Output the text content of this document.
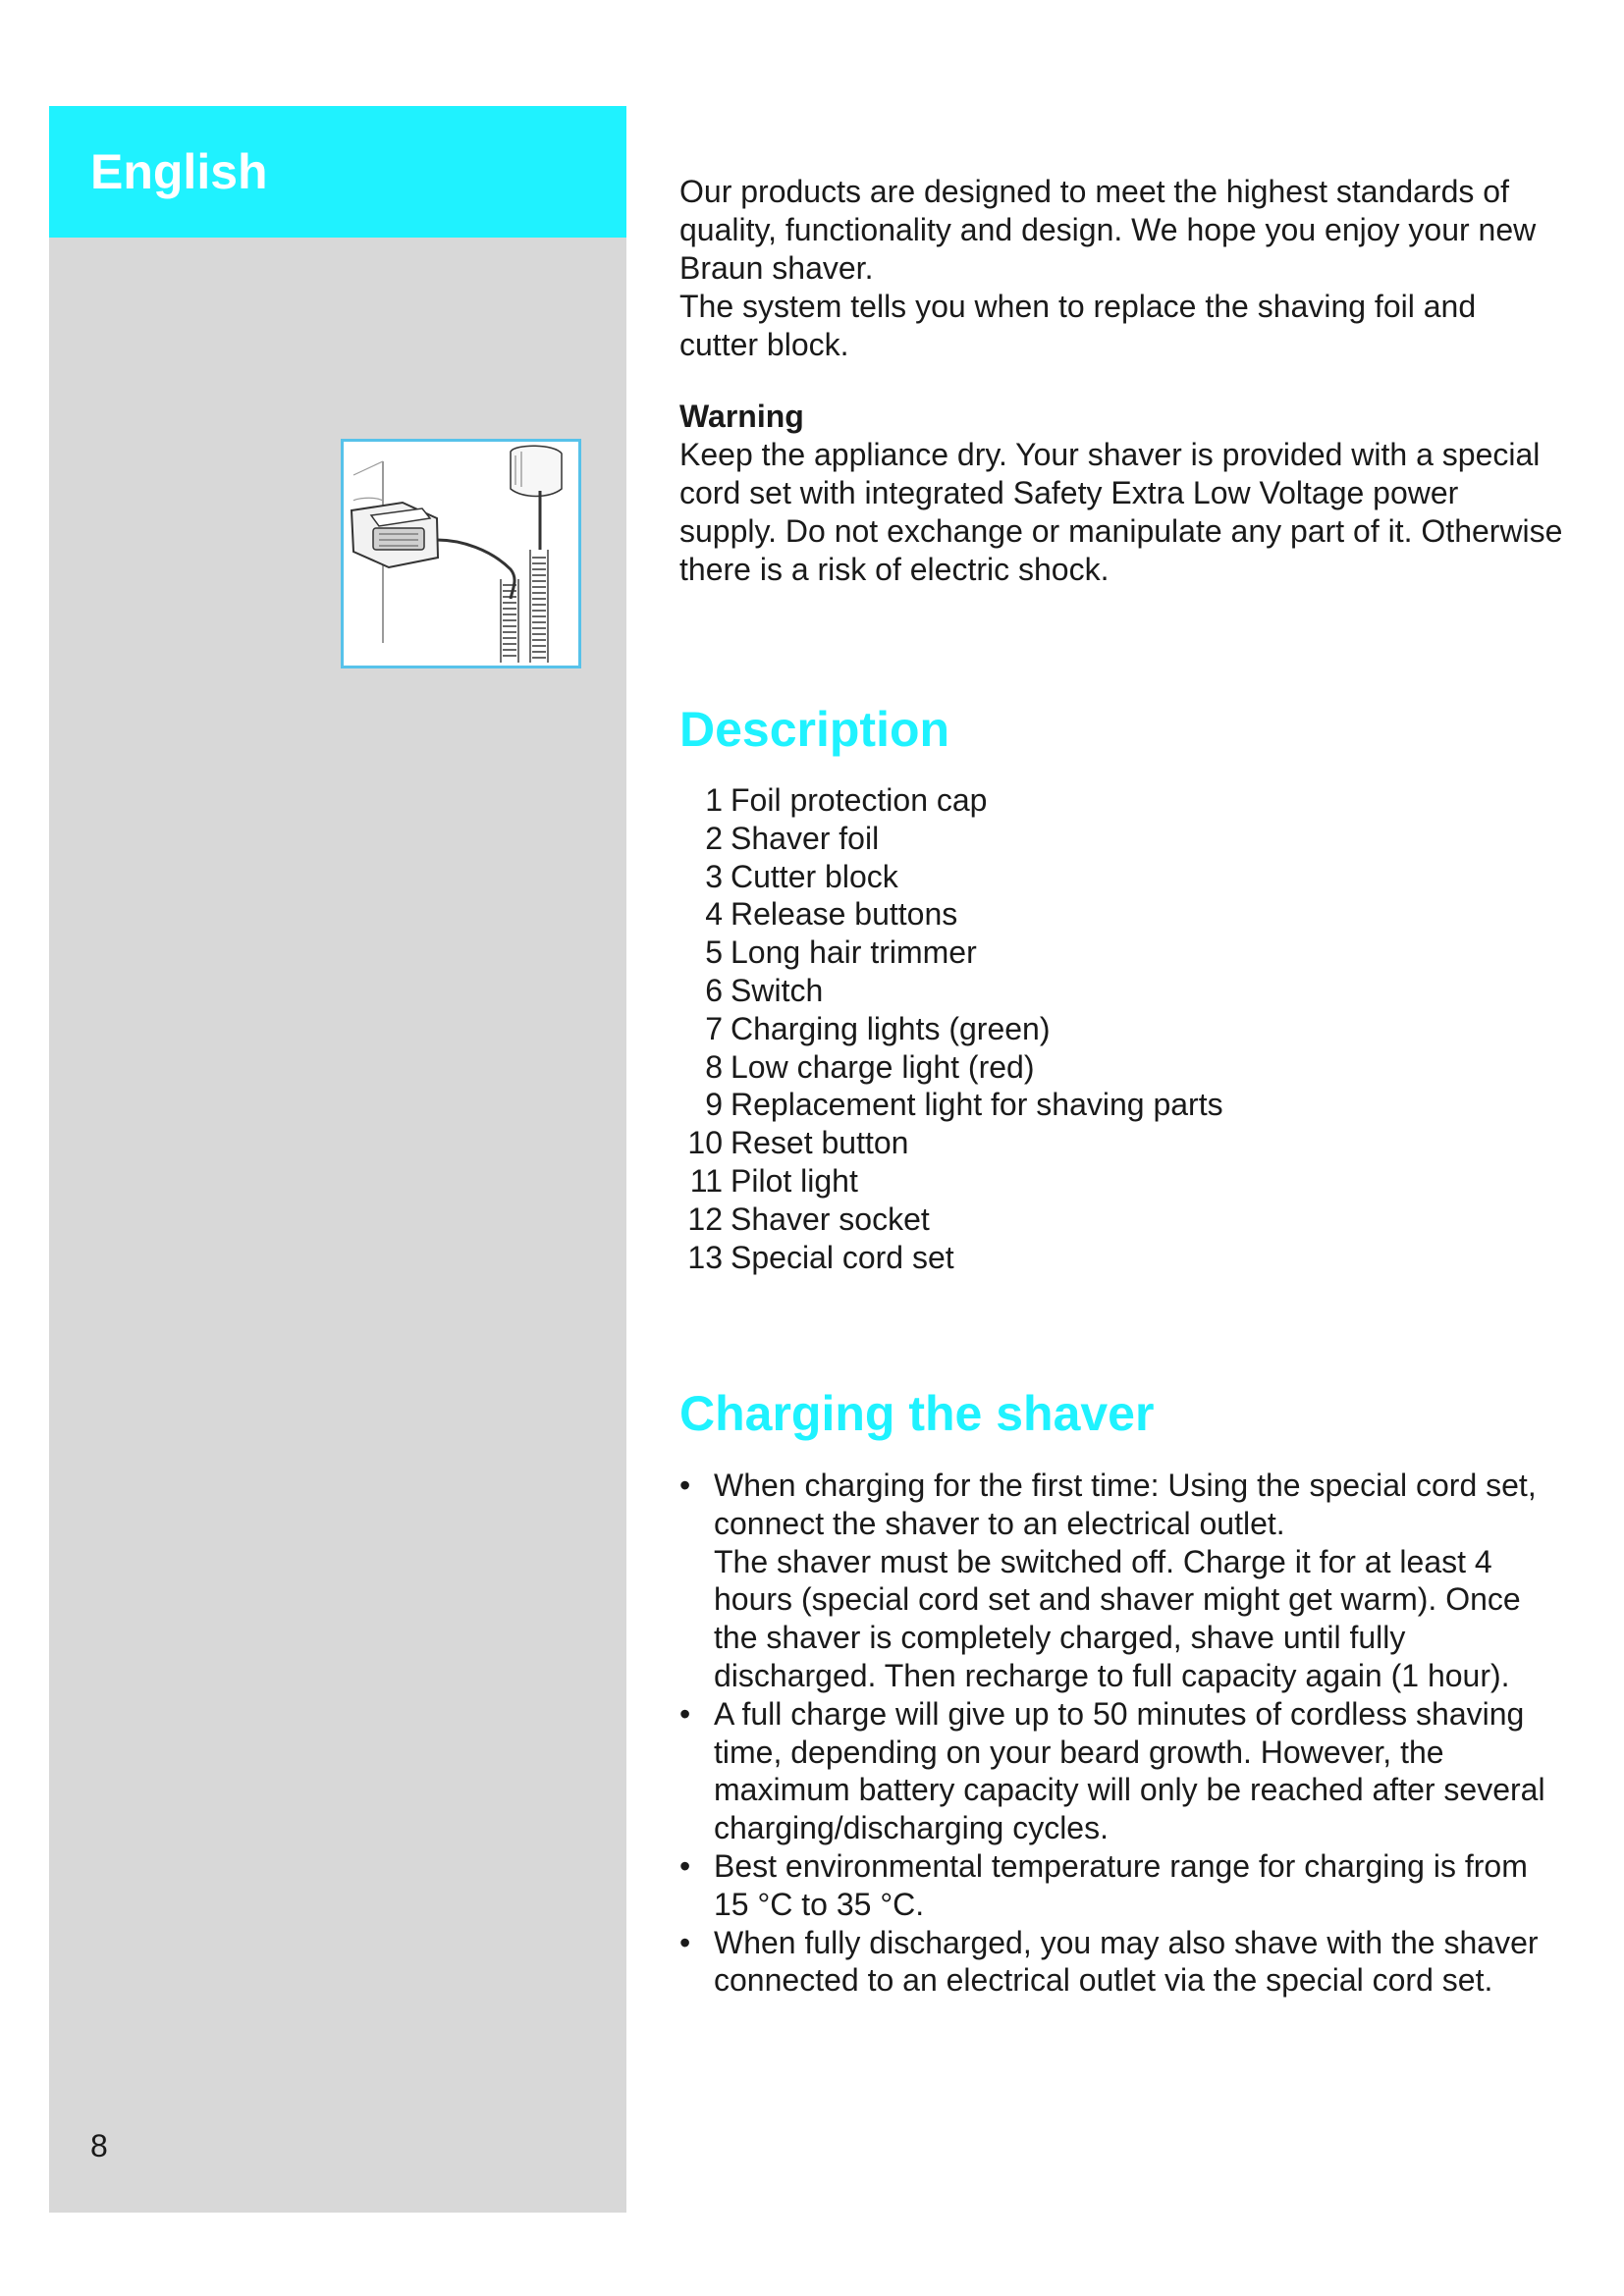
English
8

Our products are designed to meet the highest standards of quality, functionality and design. We hope you enjoy your new Braun shaver.

The system tells you when to replace the shaving foil and cutter block.

Warning

Keep the appliance dry. Your shaver is provided with a special cord set with integrated Safety Extra Low Voltage power supply. Do not exchange or manipulate any part of it. Otherwise there is a risk of electric shock.

Description
1 Foil protection cap
2 Shaver foil
3 Cutter block
4 Release buttons
5 Long hair trimmer
6 Switch
7 Charging lights (green)
8 Low charge light (red)
9 Replacement light for shaving parts
10 Reset button
11 Pilot light
12 Shaver socket
13 Special cord set
Charging the shaver
• When charging for the first time: Using the special cord set, connect the shaver to an electrical outlet.

The shaver must be switched off. Charge it for at least 4 hours (special cord set and shaver might get warm). Once the shaver is completely charged, shave until fully discharged. Then recharge to full capacity again (1 hour).

• A full charge will give up to 50 minutes of cordless shaving time, depending on your beard growth. However, the maximum battery capacity will only be reached after several charging/discharging cycles.

• Best environmental temperature range for charging is from 15 °C to 35 °C.

• When fully discharged, you may also shave with the shaver connected to an electrical outlet via the special cord set.
